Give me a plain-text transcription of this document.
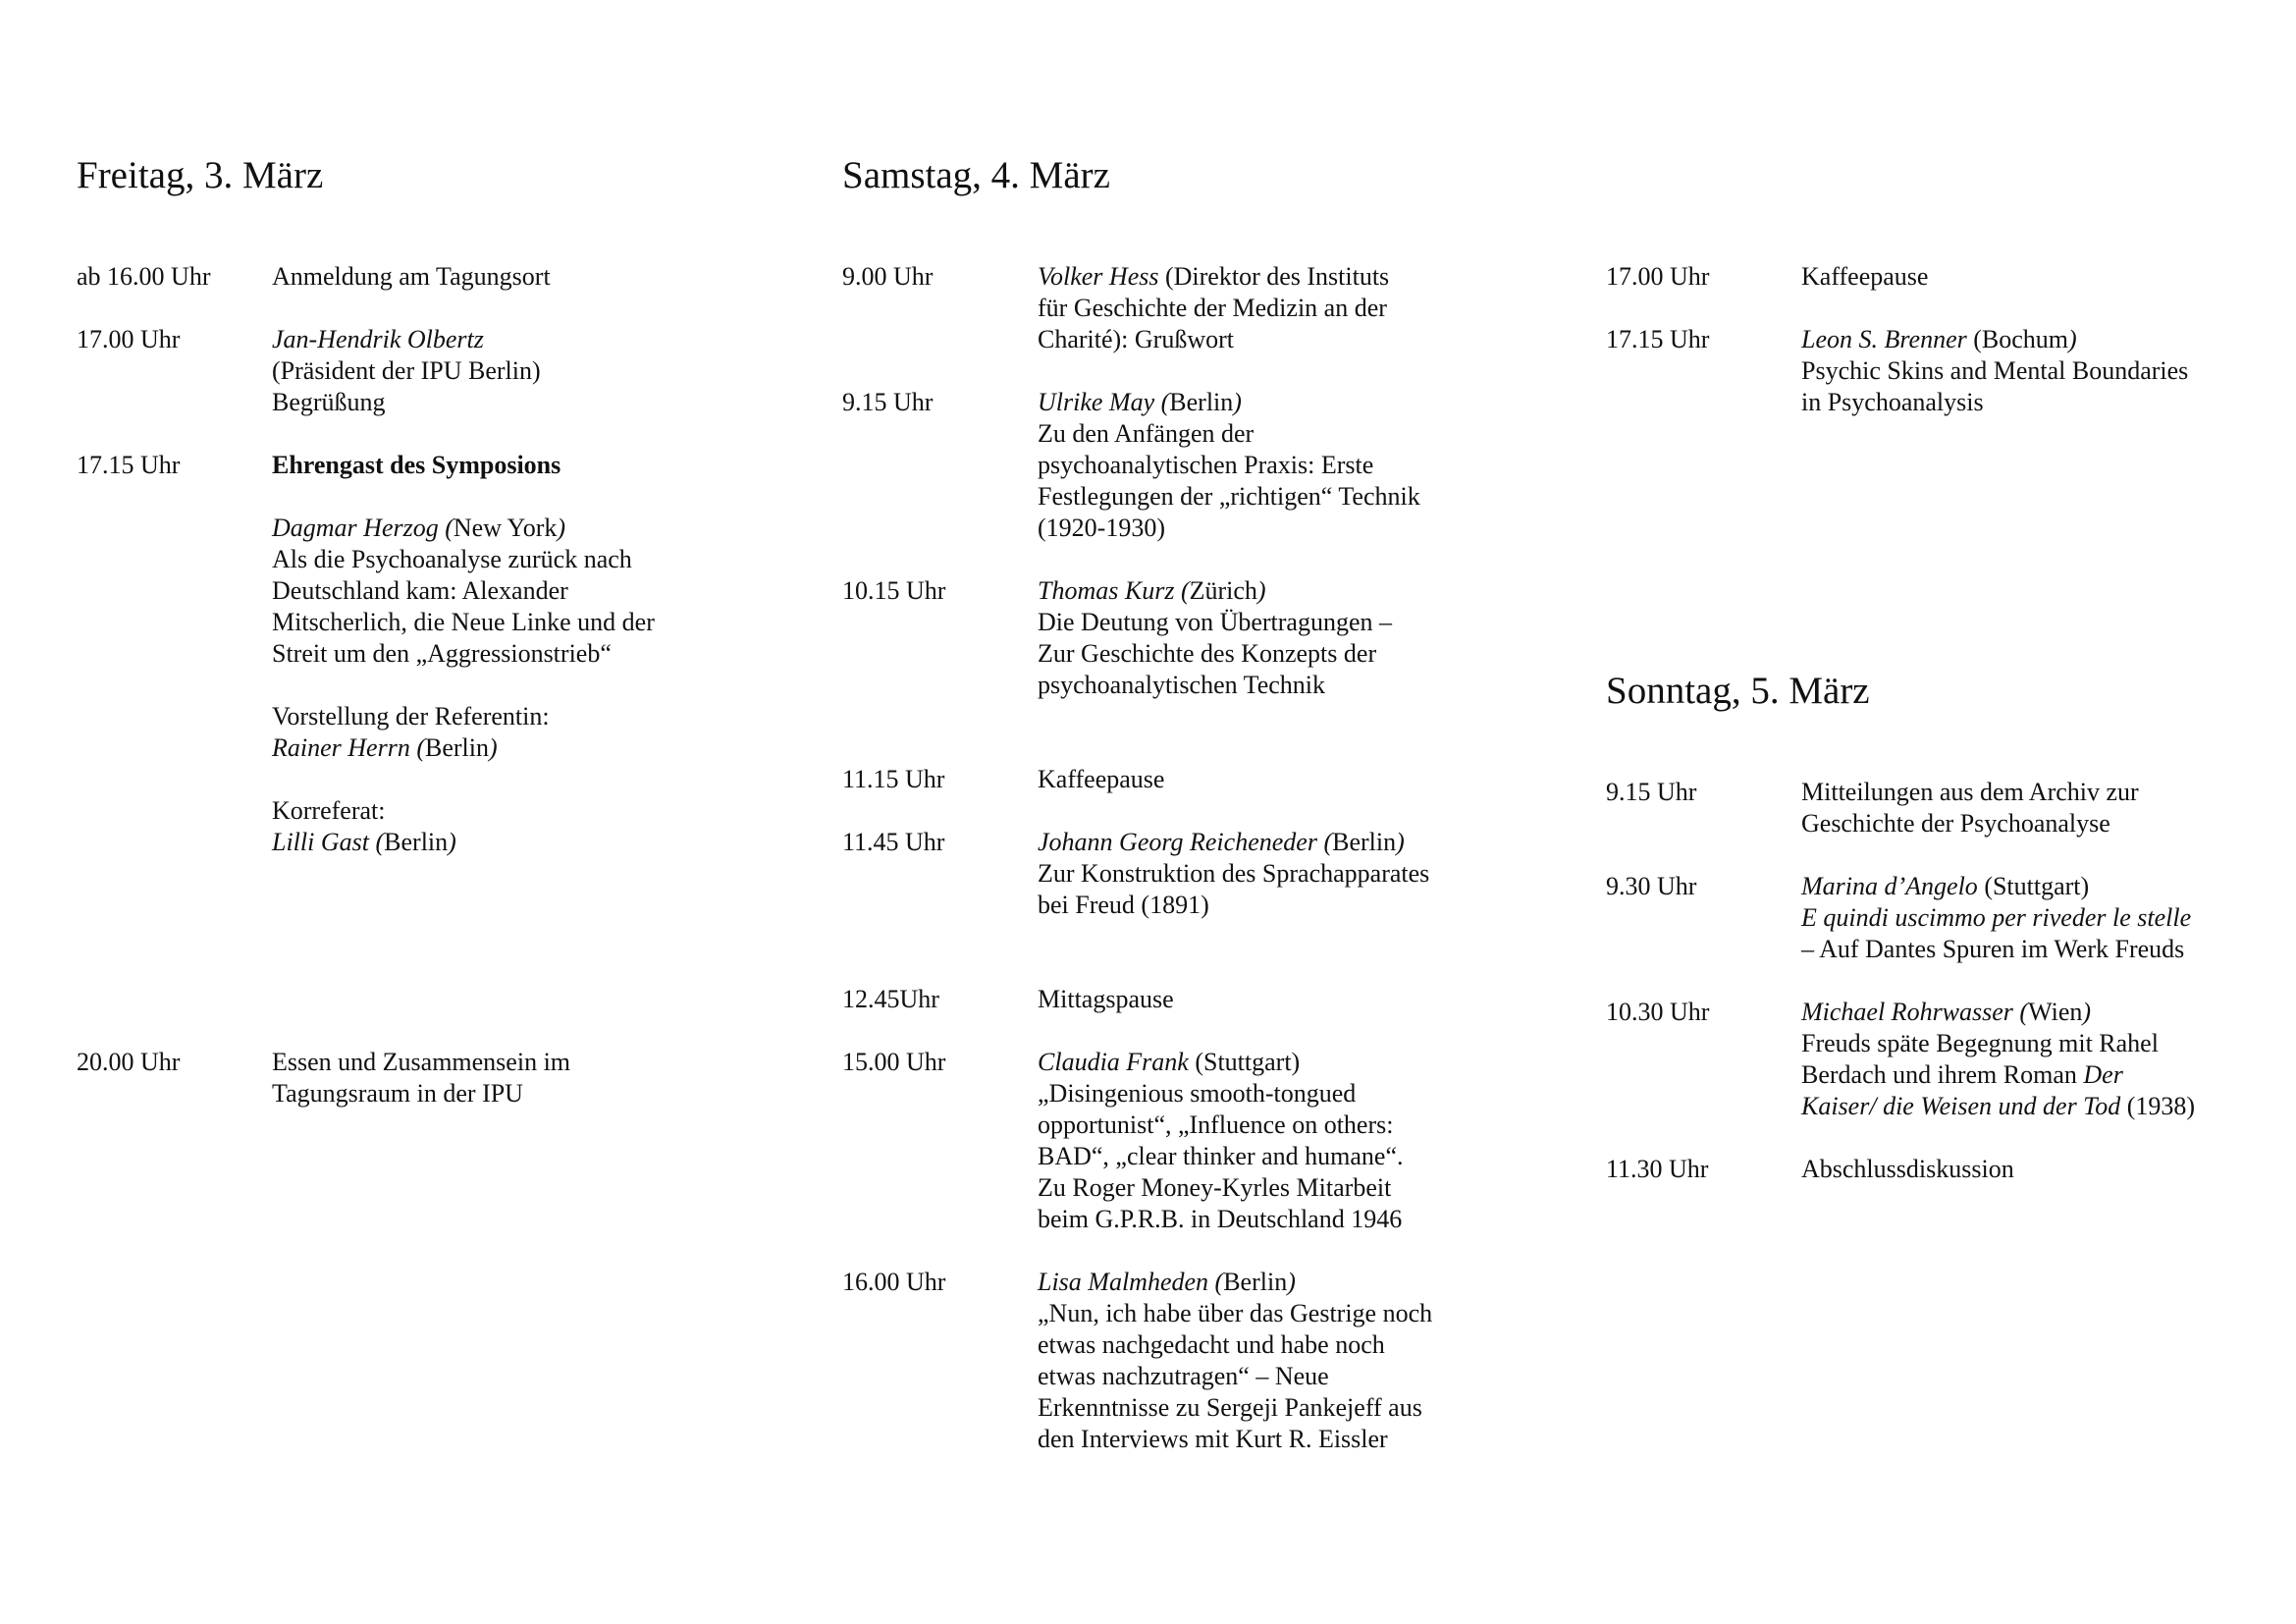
Freitag, 3. März
ab 16.00 Uhr Anmeldung am Tagungsort
17.00 Uhr	Jan-Hendrik Olbertz
(Präsident der IPU Berlin)
Begrüßung
17.15 Uhr	Ehrengast des Symposions
Dagmar Herzog (New York)
Als die Psychoanalyse zurück nach
Deutschland kam: Alexander
Mitscherlich, die Neue Linke und der
Streit um den „Aggressionstrieb“
Vorstellung der Referentin:
Rainer Herrn (Berlin)
Korreferat:
Lilli Gast (Berlin)
20.00 Uhr	Essen und Zusammensein im
Tagungsraum in der IPU
Samstag, 4. März
9.00 Uhr	Volker Hess (Direktor des Instituts
für Geschichte der Medizin an der
Charité): Grußwort
9.15 Uhr	Ulrike May (Berlin)
Zu den Anfängen der
psychoanalytischen Praxis: Erste
Festlegungen der „richtigen“ Technik
(1920-1930)
10.15 Uhr	Thomas Kurz (Zürich)
Die Deutung von Übertragungen –
Zur Geschichte des Konzepts der
psychoanalytischen Technik
11.15 Uhr	Kaffeepause
11.45 Uhr	Johann Georg Reicheneder (Berlin)
Zur Konstruktion des Sprachapparates
bei Freud (1891)
12.45Uhr	Mittagspause
15.00 Uhr	Claudia Frank (Stuttgart)
„Disingenious smooth-tongued
opportunist“, „Influence on others:
BAD“, „clear thinker and humane“.
Zu Roger Money-Kyrles Mitarbeit
beim G.P.R.B. in Deutschland 1946
16.00 Uhr	Lisa Malmheden (Berlin)
„Nun, ich habe über das Gestrige noch
etwas nachgedacht und habe noch
etwas nachzutragen“ – Neue
Erkenntnisse zu Sergeji Pankejeff aus
den Interviews mit Kurt R. Eissler
17.00 Uhr	Kaffeepause
17.15 Uhr	Leon S. Brenner (Bochum)
Psychic Skins and Mental Boundaries
in Psychoanalysis
Sonntag, 5. März
9.15 Uhr	Mitteilungen aus dem Archiv zur
Geschichte der Psychoanalyse
9.30 Uhr	Marina d’Angelo (Stuttgart)
E quindi uscimmo per riveder le stelle
– Auf Dantes Spuren im Werk Freuds
10.30 Uhr	Michael Rohrwasser (Wien)
Freuds späte Begegnung mit Rahel
Berdach und ihrem Roman Der
Kaiser/ die Weisen und der Tod (1938)
11.30 Uhr	Abschlussdiskussion
